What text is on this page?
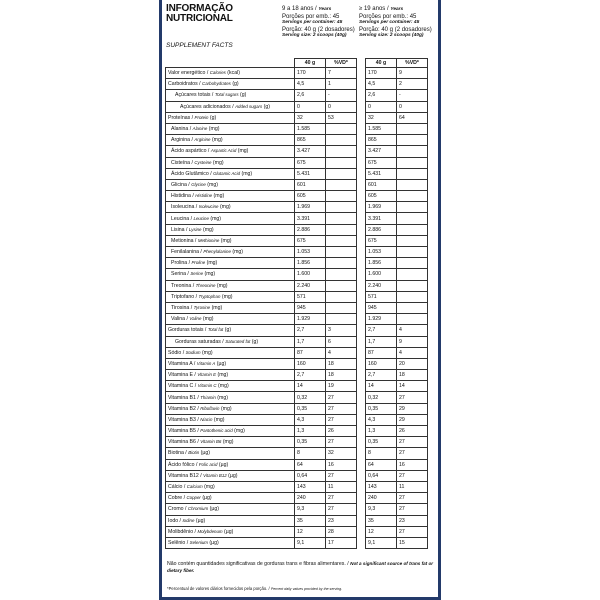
INFORMAÇÃO
NUTRICIONAL
SUPPLEMENT FACTS
9 a 18 anos / Years
Porções por emb.: 45
Servings per container: 45
Porção: 40 g (2 dosadores)
Serving size: 2 scoops (40g)
≥ 19 anos / Years
Porções por emb.: 45
Servings per container: 45
Porção: 40 g (2 dosadores)
Serving size: 2 scoops (40g)
	40 g	%VD*		40 g	%VD*
Valor energético / Calories (kcal)	170	7		170	9
Carboidratos / Carbohydrates (g)	4,5	1		4,5	2
Açúcares totais / Total sugars (g)	2,6	-		2,6	-
Açúcares adicionados / Added sugars (g)	0	0		0	0
Proteínas / Protein (g)	32	53		32	64
Alanina / Alanine (mg)	1.585			1.585	
Arginina / Arginine (mg)	865			865	
Ácido aspártico / Aspartic Acid (mg)	3.427			3.427	
Cisteína / Cysteine (mg)	675			675	
Ácido Glutâmico / Glutamic Acid (mg)	5.431			5.431	
Glicina / Glycine (mg)	601			601	
Histidina / Histidine (mg)	605			605	
Isoleucina / Isoleucine (mg)	1.969			1.969	
Leucina / Leucine (mg)	3.391			3.391	
Lisina / Lysine (mg)	2.886			2.886	
Metionina / Methionine (mg)	675			675	
Fenilalanina / Phenylalanine (mg)	1.053			1.053	
Prolina / Proline (mg)	1.856			1.856	
Serina / Serine (mg)	1.600			1.600	
Treonina / Threonine (mg)	2.240			2.240	
Triptofano / Tryptophan (mg)	571			571	
Tirosina / Tyrosine (mg)	945			945	
Valina / Valine (mg)	1.929			1.929	
Gorduras totais / Total fat (g)	2,7	3		2,7	4
Gorduras saturadas / Saturated fat (g)	1,7	6		1,7	9
Sódio / Sodium (mg)	87	4		87	4
Vitamina A / Vitamin A (µg)	160	18		160	20
Vitamina E / Vitamin E (mg)	2,7	18		2,7	18
Vitamina C / Vitamin C (mg)	14	19		14	14
Vitamina B1 / Thiamin (mg)	0,32	27		0,32	27
Vitamina B2 / Riboflavin (mg)	0,35	27		0,35	29
Vitamina B3 / Niacin (mg)	4,3	27		4,3	29
Vitamina B5 / Pantothenic acid (mg)	1,3	26		1,3	26
Vitamina B6 / Vitamin B6 (mg)	0,35	27		0,35	27
Biotina / Biotin (µg)	8	32		8	27
Ácido fólico / Folic acid (µg)	64	16		64	16
Vitamina B12 / Vitamin B12 (µg)	0,64	27		0,64	27
Cálcio / Calcium (mg)	143	11		143	11
Cobre / Copper (µg)	240	27		240	27
Cromo / Chromium (µg)	9,3	27		9,3	27
Iodo / Iodine (µg)	35	23		35	23
Molibdênio / Molybdenum (µg)	12	28		12	27
Selênio / Selenium (µg)	9,1	17		9,1	15
Não contém quantidades significativas de gorduras trans e fibras alimentares. / Not a significant source of trans fat or dietary fiber.
*Percentual de valores diários fornecidos pela porção. / Percent daily values provided by the serving.
